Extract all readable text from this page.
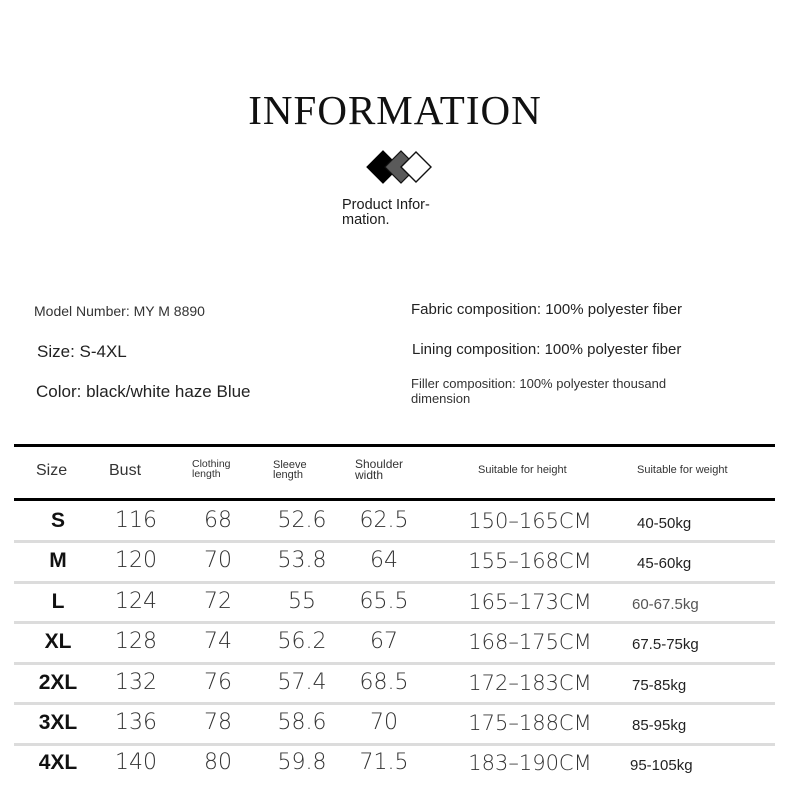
INFORMATION
Product Infor-
mation.
Model Number: MY M 8890
Size: S-4XL
Color: black/white haze Blue
Fabric composition: 100% polyester fiber
Lining composition: 100% polyester fiber
Filler composition: 100% polyester thousand dimension
Size	Bust	Clothing
length
Sleeve
length
Shoulder
width	Suitable for height	Suitable for weight
S	116	68	52.6	62.5	150–165CM	40-50kg
M	120	70	53.8	64	155–168CM	45-60kg
L	124	72	55	65.5	165–173CM	60-67.5kg
XL	128	74	56.2	67	168–175CM	67.5-75kg
2XL	132	76	57.4	68.5	172–183CM	75-85kg
3XL	136	78	58.6	70	175–188CM	85-95kg
4XL	140	80	59.8	71.5	183–190CM	95-105kg
